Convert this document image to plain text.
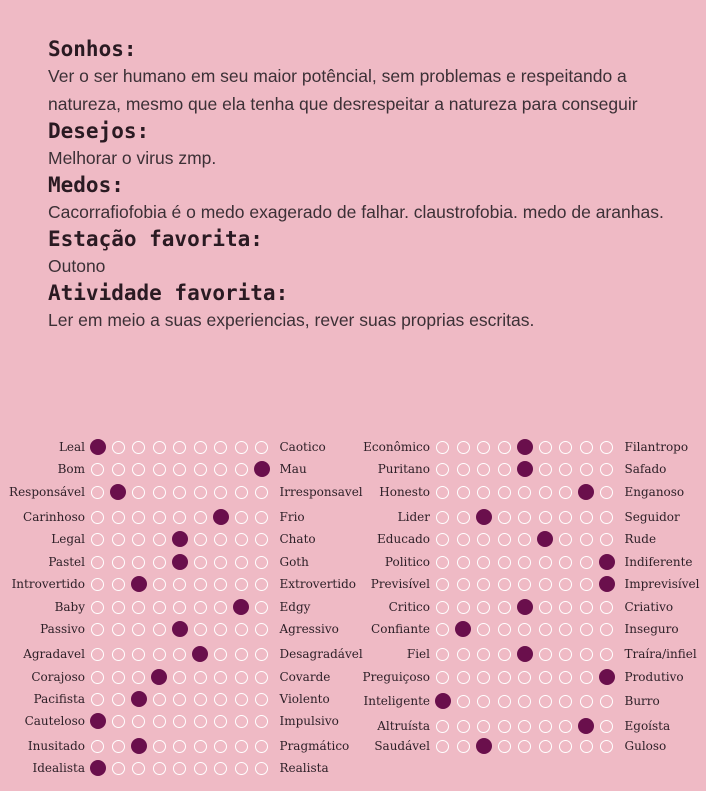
Sonhos:

Ver o ser humano em seu maior potêncial, sem problemas e respeitando a natureza, mesmo que ela tenha que desrespeitar a natureza para conseguir

Desejos:

Melhorar o virus zmp.

Medos:

Cacorrafiofobia é o medo exagerado de falhar. claustrofobia. medo de aranhas.

Estação favorita:

Outono

Atividade favorita:

Ler em meio a suas experiencias, rever suas proprias escritas.

Leal	Caotico
Bom	Mau
Responsável	Irresponsavel
Carinhoso	Frio
Legal	Chato
Pastel	Goth
Introvertido	Extrovertido
Baby	Edgy
Passivo	Agressivo
Agradavel	Desagradável
Corajoso	Covarde
Pacifista	Violento
Cauteloso	Impulsivo
Inusitado	Pragmático
Idealista	Realista
Econômico	Filantropo
Puritano	Safado
Honesto	Enganoso
Lider	Seguidor
Educado	Rude
Politico	Indiferente
Previsível	Imprevisível
Critico	Criativo
Confiante	Inseguro
Fiel	Traíra/infiel
Preguiçoso	Produtivo
Inteligente	Burro
Altruísta	Egoísta
Saudável	Guloso
